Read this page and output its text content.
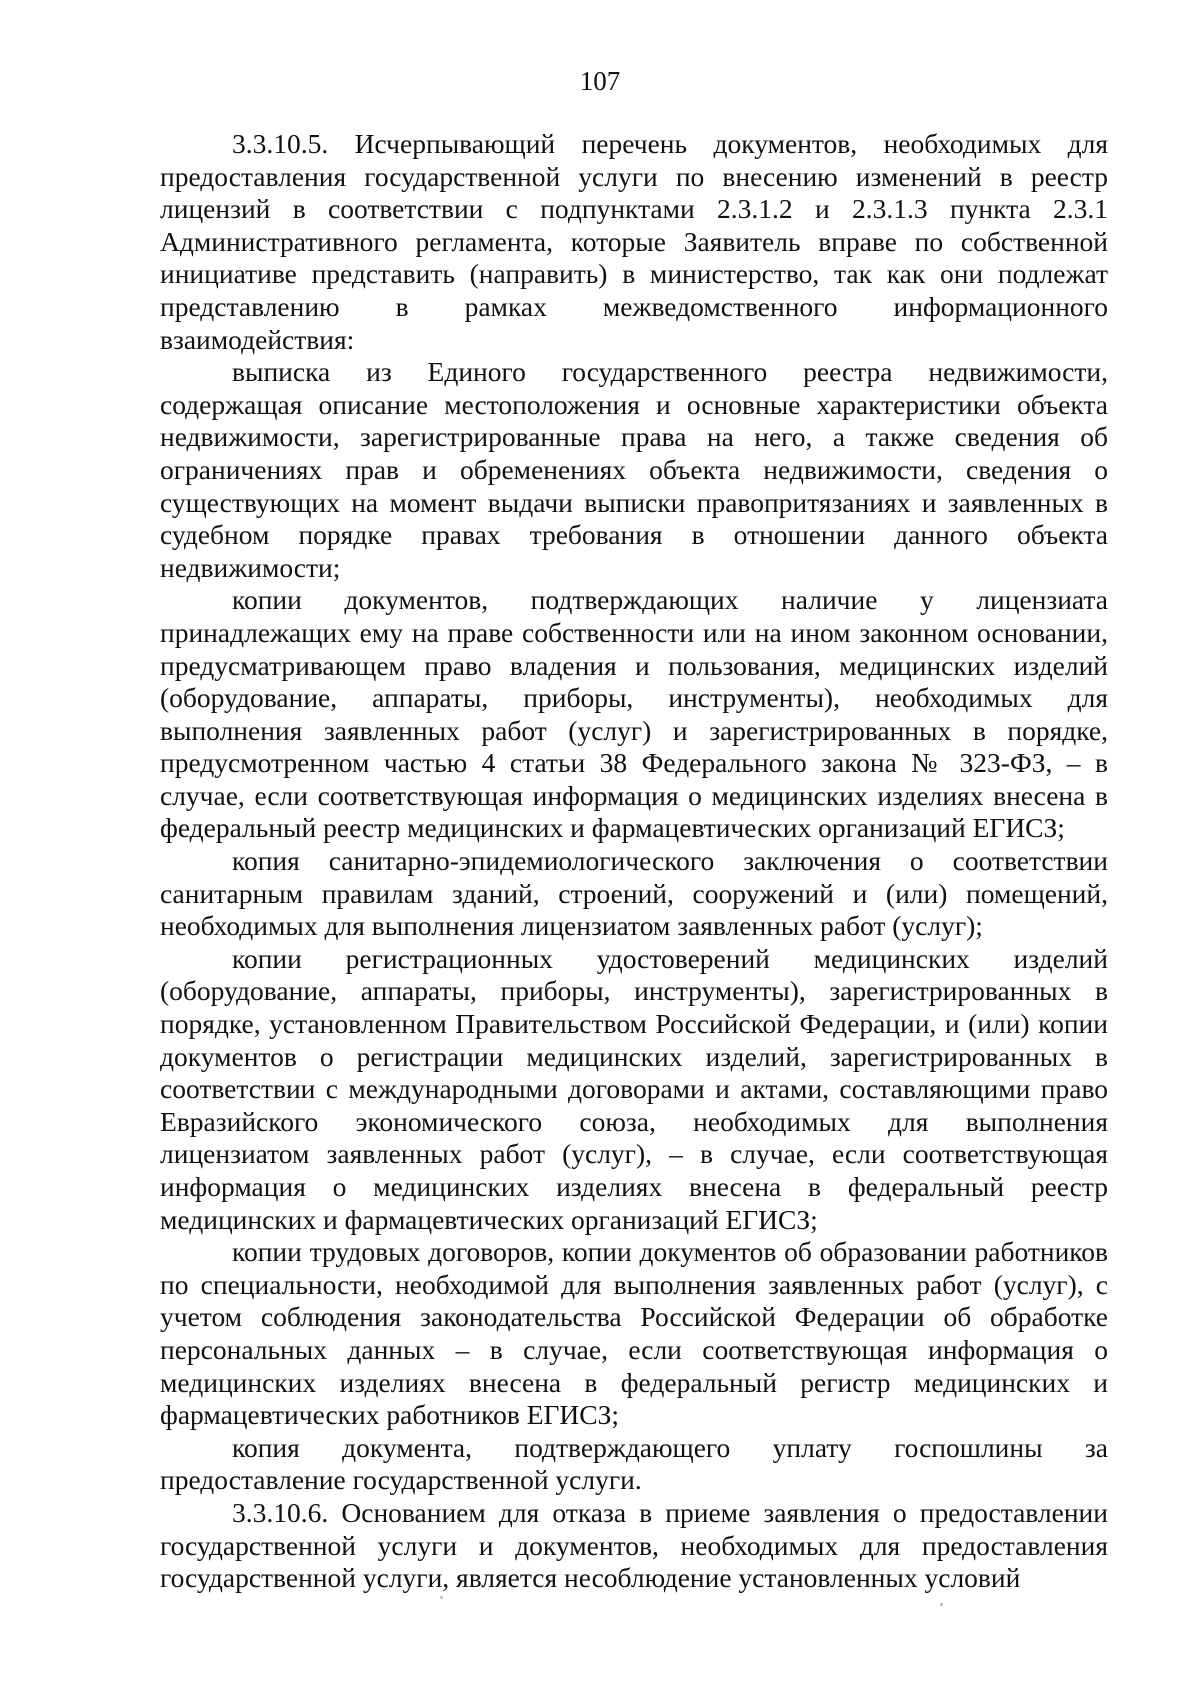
107

3.3.10.5. Исчерпывающий перечень документов, необходимых для предоставления государственной услуги по внесению изменений в реестр лицензий в соответствии с подпунктами 2.3.1.2 и 2.3.1.3 пункта 2.3.1 Административного регламента, которые Заявитель вправе по собственной инициативе представить (направить) в министерство, так как они подлежат представлению в рамках межведомственного информационного взаимодействия:

выписка из Единого государственного реестра недвижимости, содержащая описание местоположения и основные характеристики объекта недвижимости, зарегистрированные права на него, а также сведения об ограничениях прав и обременениях объекта недвижимости, сведения о существующих на момент выдачи выписки правопритязаниях и заявленных в судебном порядке правах требования в отношении данного объекта недвижимости;

копии документов, подтверждающих наличие у лицензиата принадлежащих ему на праве собственности или на ином законном основании, предусматривающем право владения и пользования, медицинских изделий (оборудование, аппараты, приборы, инструменты), необходимых для выполнения заявленных работ (услуг) и зарегистрированных в порядке, предусмотренном частью 4 статьи 38 Федерального закона № 323-ФЗ, – в случае, если соответствующая информация о медицинских изделиях внесена в федеральный реестр медицинских и фармацевтических организаций ЕГИСЗ;

копия санитарно-эпидемиологического заключения о соответствии санитарным правилам зданий, строений, сооружений и (или) помещений, необходимых для выполнения лицензиатом заявленных работ (услуг);

копии регистрационных удостоверений медицинских изделий (оборудование, аппараты, приборы, инструменты), зарегистрированных в порядке, установленном Правительством Российской Федерации, и (или) копии документов о регистрации медицинских изделий, зарегистрированных в соответствии с международными договорами и актами, составляющими право Евразийского экономического союза, необходимых для выполнения лицензиатом заявленных работ (услуг), – в случае, если соответствующая информация о медицинских изделиях внесена в федеральный реестр медицинских и фармацевтических организаций ЕГИСЗ;

копии трудовых договоров, копии документов об образовании работников по специальности, необходимой для выполнения заявленных работ (услуг), с учетом соблюдения законодательства Российской Федерации об обработке персональных данных – в случае, если соответствующая информация о медицинских изделиях внесена в федеральный регистр медицинских и фармацевтических работников ЕГИСЗ;

копия документа, подтверждающего уплату госпошлины за предоставление государственной услуги.

3.3.10.6. Основанием для отказа в приеме заявления о предоставлении государственной услуги и документов, необходимых для предоставления государственной услуги, является несоблюдение установленных условий
